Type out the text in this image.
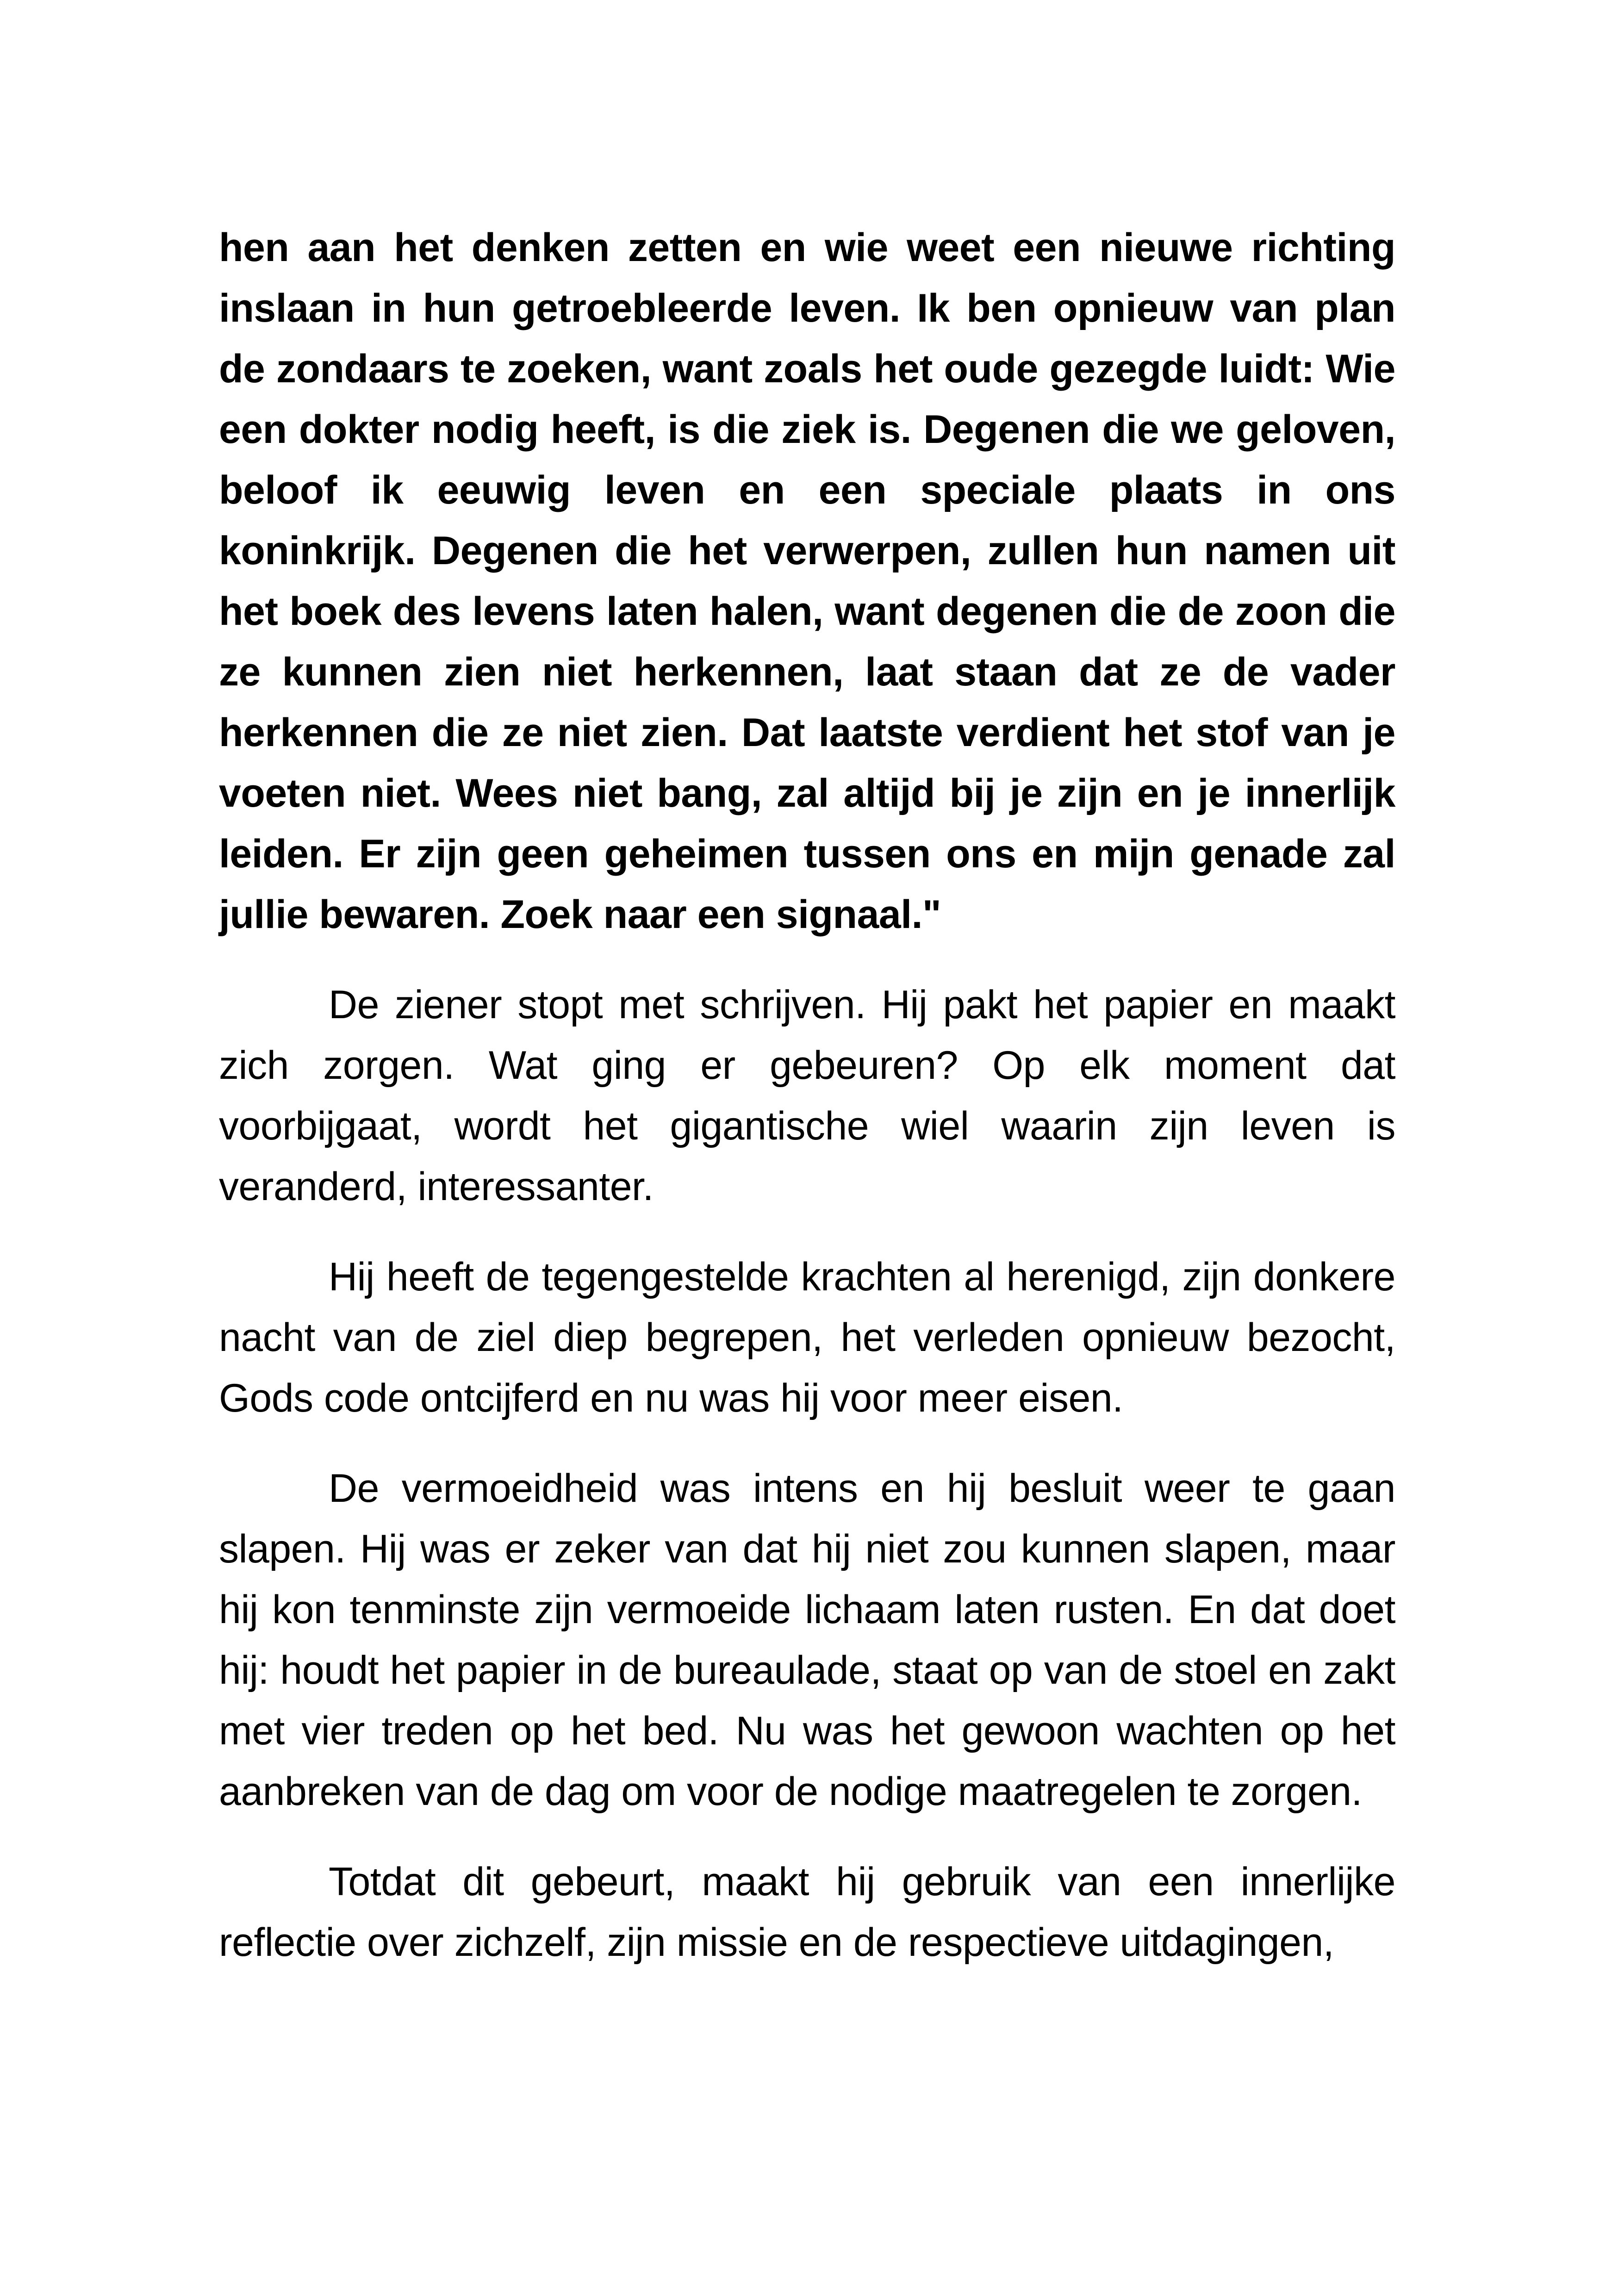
hen aan het denken zetten en wie weet een nieuwe richting inslaan in hun getroebleerde leven. Ik ben opnieuw van plan de zondaars te zoeken, want zoals het oude gezegde luidt: Wie een dokter nodig heeft, is die ziek is. Degenen die we geloven, beloof ik eeuwig leven en een speciale plaats in ons koninkrijk. Degenen die het verwerpen, zullen hun namen uit het boek des levens laten halen, want degenen die de zoon die ze kunnen zien niet herkennen, laat staan dat ze de vader herkennen die ze niet zien. Dat laatste verdient het stof van je voeten niet. Wees niet bang, zal altijd bij je zijn en je innerlijk leiden. Er zijn geen geheimen tussen ons en mijn genade zal jullie bewaren. Zoek naar een signaal."

De ziener stopt met schrijven. Hij pakt het papier en maakt zich zorgen. Wat ging er gebeuren? Op elk moment dat voorbijgaat, wordt het gigantische wiel waarin zijn leven is veranderd, interessanter.

Hij heeft de tegengestelde krachten al herenigd, zijn donkere nacht van de ziel diep begrepen, het verleden opnieuw bezocht, Gods code ontcijferd en nu was hij voor meer eisen.

De vermoeidheid was intens en hij besluit weer te gaan slapen. Hij was er zeker van dat hij niet zou kunnen slapen, maar hij kon tenminste zijn vermoeide lichaam laten rusten. En dat doet hij: houdt het papier in de bureaulade, staat op van de stoel en zakt met vier treden op het bed. Nu was het gewoon wachten op het aanbreken van de dag om voor de nodige maatregelen te zorgen.

Totdat dit gebeurt, maakt hij gebruik van een innerlijke reflectie over zichzelf, zijn missie en de respectieve uitdagingen,
